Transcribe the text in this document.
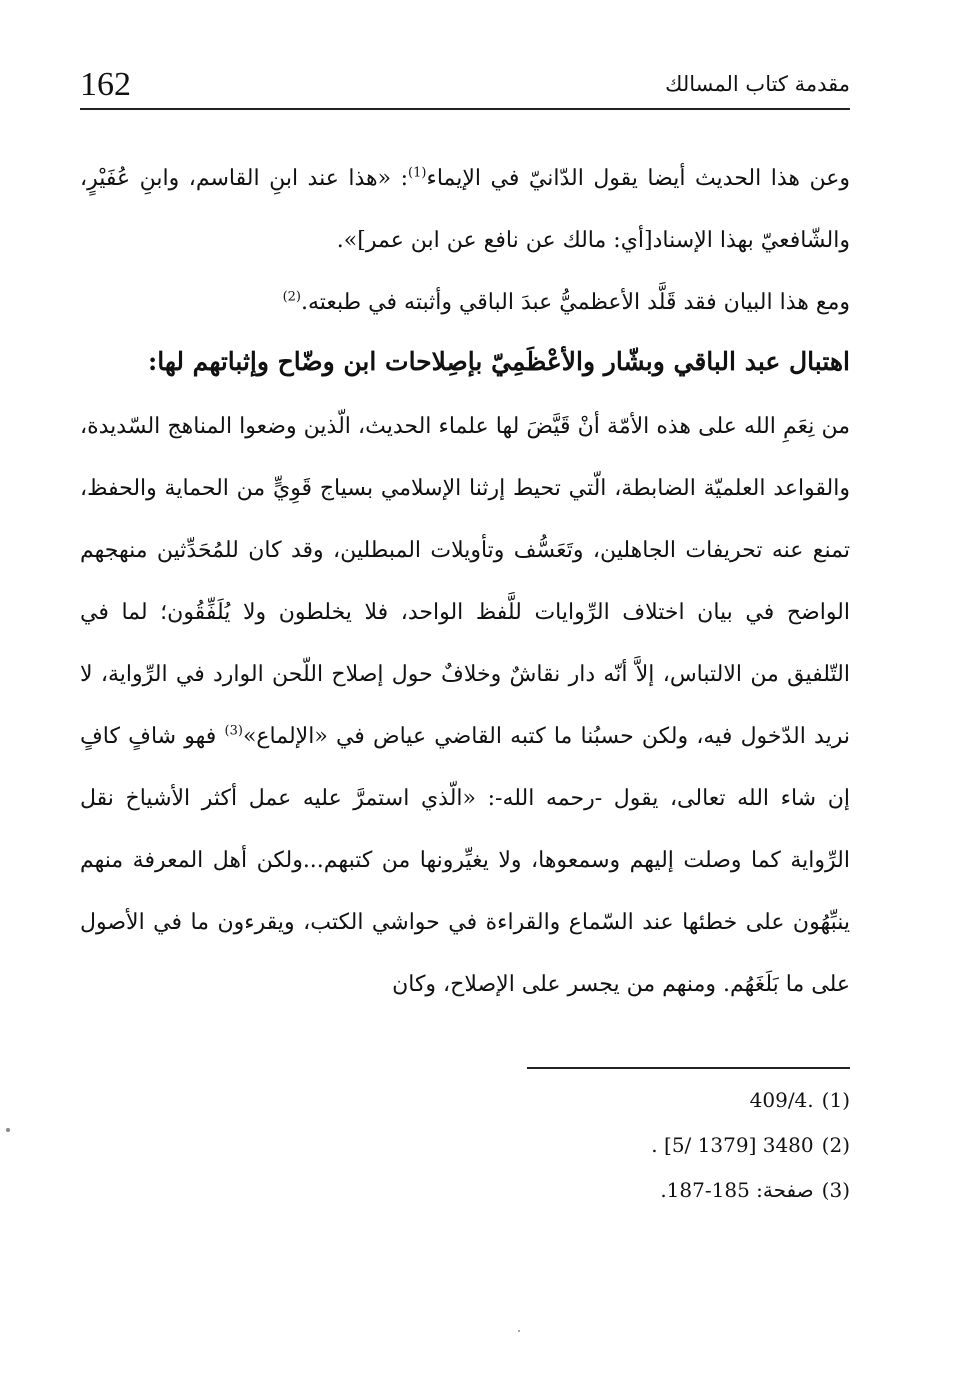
162	مقدمة كتاب المسالك

وعن هذا الحديث أيضا يقول الدّانيّ في الإيماء$^{(1)}$: «هذا عند ابنِ القاسم، وابنِ عُفَيْرٍ، والشّافعيّ بهذا الإسناد[أي: مالك عن نافع عن ابن عمر]».

ومع هذا البيان فقد قَلَّد الأعظميُّ عبدَ الباقي وأثبته في طبعته.$^{(2)}$

اهتبال عبد الباقي وبشّار والأعْظَمِيّ بإصِلاحات ابن وضّاح وإثباتهم لها:

من نِعَمِ الله على هذه الأمّة أنْ قَيَّضَ لها علماء الحديث، الّذين وضعوا المناهج السّديدة، والقواعد العلميّة الضابطة، الّتي تحيط إرثنا الإسلامي بسياج قَوِيٍّ من الحماية والحفظ، تمنع عنه تحريفات الجاهلين، وتَعَسُّف وتأويلات المبطلين، وقد كان للمُحَدِّثين منهجهم الواضح في بيان اختلاف الرِّوايات للَّفظ الواحد، فلا يخلطون ولا يُلَفِّقُون؛ لما في التّلفيق من الالتباس، إلاَّ أنّه دار نقاشٌ وخلافٌ حول إصلاح اللّحن الوارد في الرِّواية، لا نريد الدّخول فيه، ولكن حسبُنا ما كتبه القاضي عياض في «الإلماع»$^{(3)}$ فهو شافٍ كافٍ إن شاء الله تعالى، يقول -رحمه الله-: «الّذي استمرَّ عليه عمل أكثر الأشياخ نقل الرِّواية كما وصلت إليهم وسمعوها، ولا يغيِّرونها من كتبهم...ولكن أهل المعرفة منهم ينبِّهُون على خطئها عند السّماع والقراءة في حواشي الكتب، ويقرءون ما في الأصول على ما بَلَغَهُم. ومنهم من يجسر على الإصلاح، وكان

(1).409/4

(2)3480 [1379 /5] .

(3)صفحة: 185-187.
